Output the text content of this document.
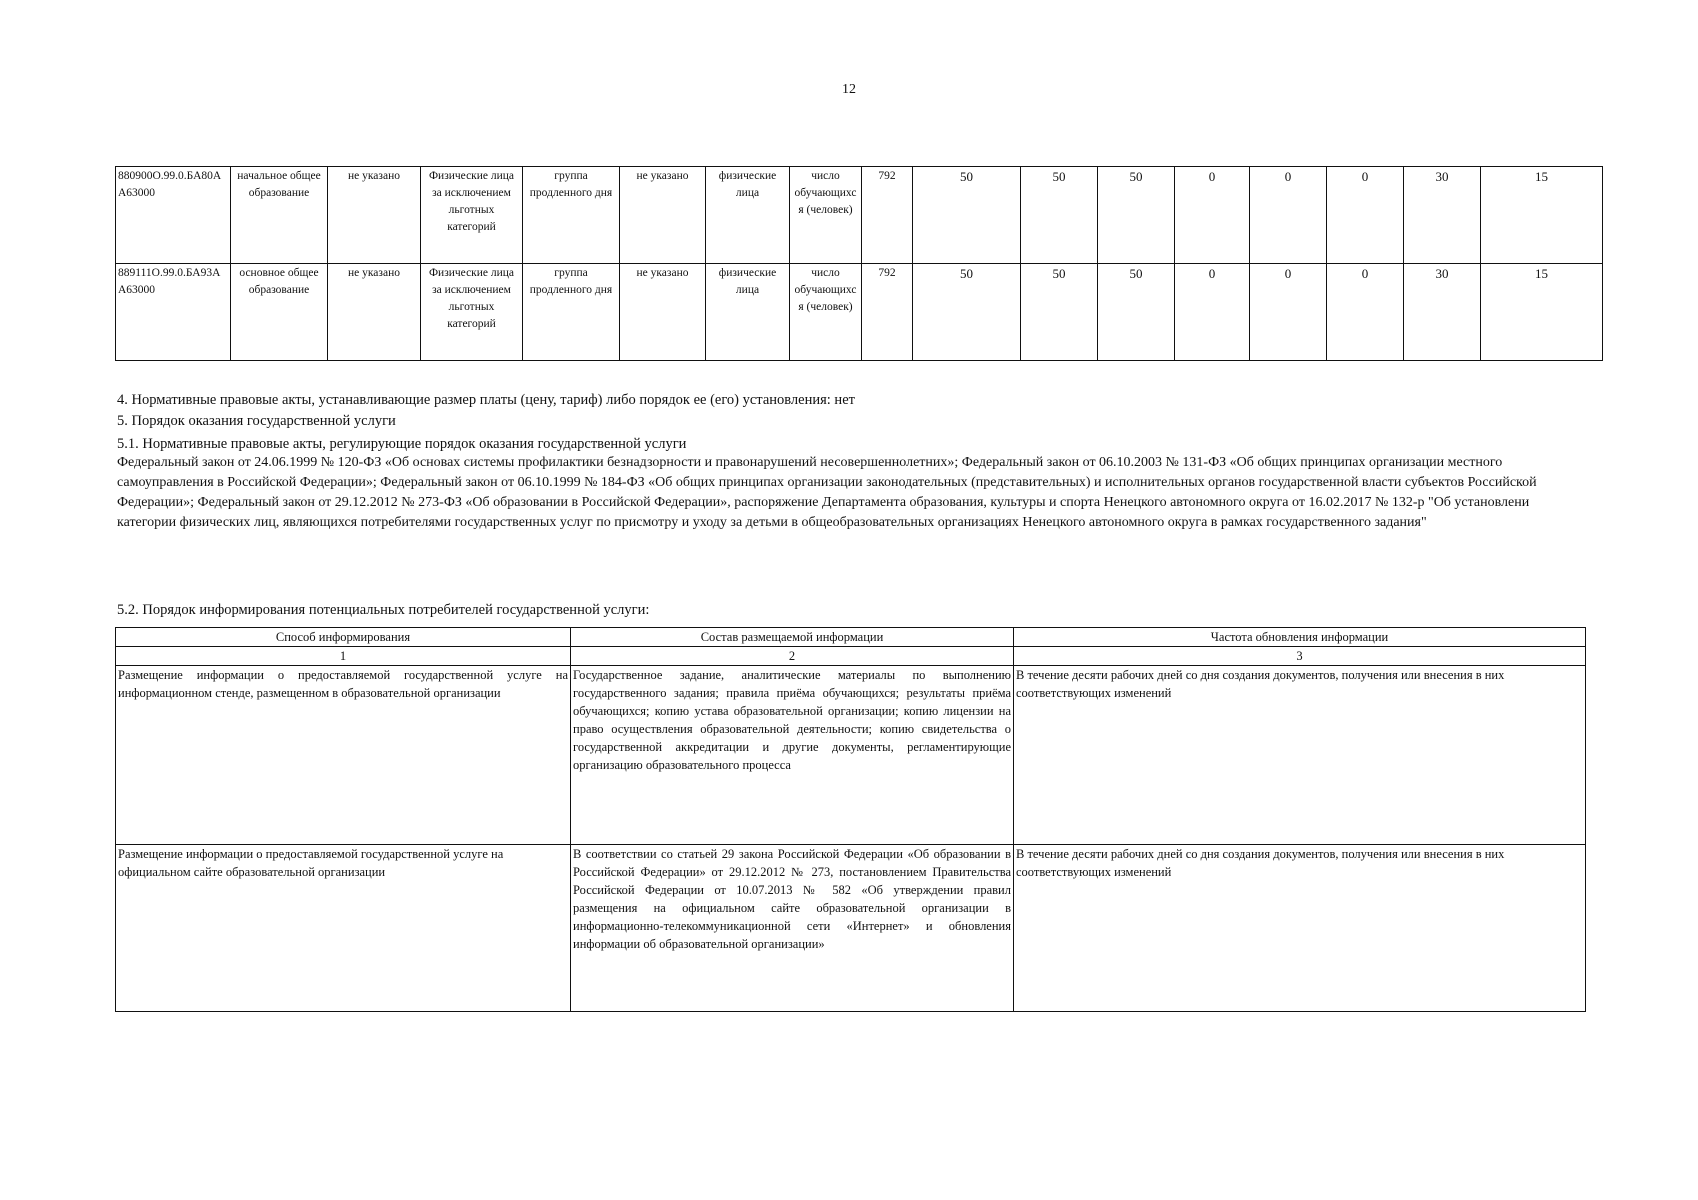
12
880900О.99.0.БА80АА63000	начальное общее образование	не указано	Физические лица за исключением льготных категорий	группа продленного дня	не указано	физические лица	число обучающихся (человек)	792	50	50	50	0	0	0	30	15
889111О.99.0.БА93АА63000	основное общее образование	не указано	Физические лица за исключением льготных категорий	группа продленного дня	не указано	физические лица	число обучающихся (человек)	792	50	50	50	0	0	0	30	15
4. Нормативные правовые акты, устанавливающие размер платы (цену, тариф) либо порядок ее (его) установления: нет
5. Порядок оказания государственной услуги
5.1. Нормативные правовые акты, регулирующие порядок оказания государственной услуги
Федеральный закон от 24.06.1999 № 120-ФЗ «Об основах системы профилактики безнадзорности и правонарушений несовершеннолетних»; Федеральный закон от 06.10.2003 № 131-ФЗ «Об общих принципах организации местного самоуправления в Российской Федерации»; Федеральный закон от 06.10.1999 № 184-ФЗ «Об общих принципах организации законодательных (представительных) и исполнительных органов государственной власти субъектов Российской Федерации»; Федеральный закон от 29.12.2012 № 273-ФЗ «Об образовании в Российской Федерации», распоряжение Департамента образования, культуры и спорта Ненецкого автономного округа от 16.02.2017 № 132-р "Об установлени категории физических лиц, являющихся потребителями государственных услуг по присмотру и уходу за детьми в общеобразовательных организациях Ненецкого автономного округа в рамках государственного задания"
5.2. Порядок информирования потенциальных потребителей государственной услуги:
Способ информирования	Состав размещаемой информации	Частота обновления информации
1	2	3
Размещение информации о предоставляемой государственной услуге на информационном стенде, размещенном в образовательной организации	Государственное задание, аналитические материалы по выполнению государственного задания; правила приёма обучающихся; результаты приёма обучающихся; копию устава образовательной организации; копию лицензии на право осуществления образовательной деятельности; копию свидетельства о государственной аккредитации и другие документы, регламентирующие организацию образовательного процесса	В течение десяти рабочих дней со дня создания документов, получения или внесения в них соответствующих изменений
Размещение информации о предоставляемой государственной услуге на официальном сайте образовательной организации	В соответствии со статьей 29 закона Российской Федерации «Об образовании в Российской Федерации» от 29.12.2012 № 273, постановлением Правительства Российской Федерации от 10.07.2013 № 582 «Об утверждении правил размещения на официальном сайте образовательной организации в информационно-телекоммуникационной сети «Интернет» и обновления информации об образовательной организации»	В течение десяти рабочих дней со дня создания документов, получения или внесения в них соответствующих изменений
